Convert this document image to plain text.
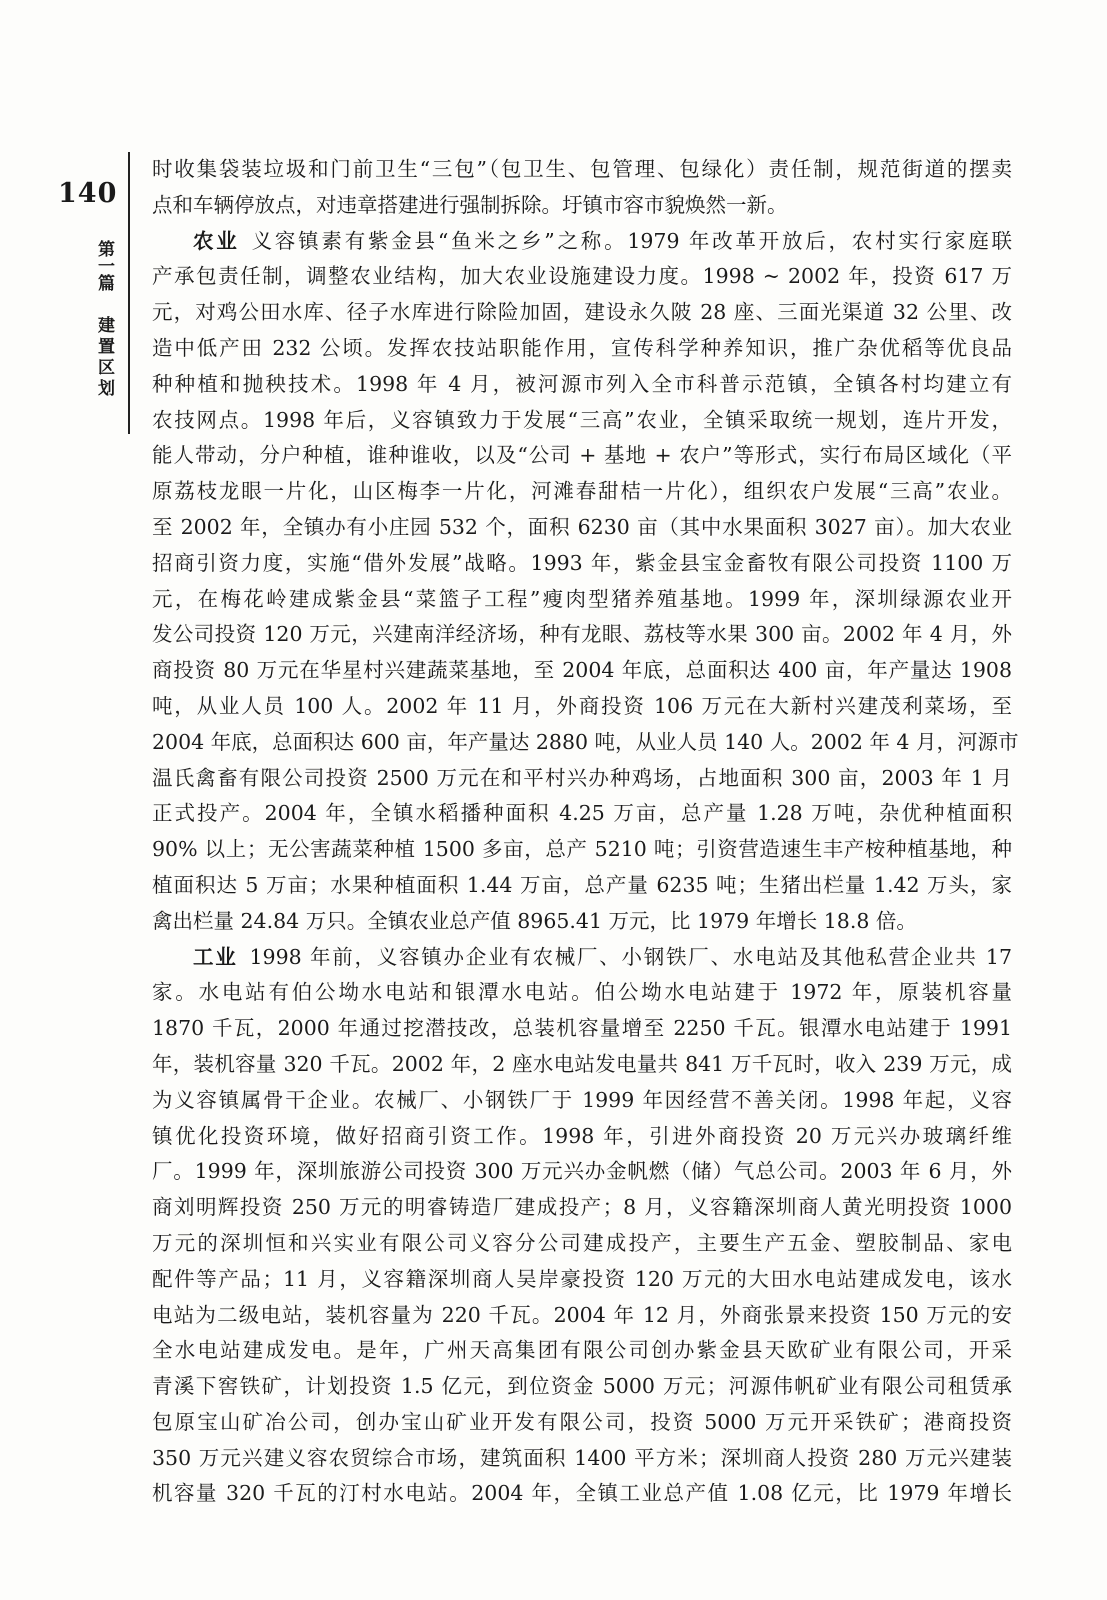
140
第一篇
建置区划
时收集袋装垃圾和门前卫生“三包”（包卫生、包管理、包绿化）责任制，规范街道的摆卖
点和车辆停放点，对违章搭建进行强制拆除。圩镇市容市貌焕然一新。
农业 义容镇素有紫金县“鱼米之乡”之称。1979 年改革开放后，农村实行家庭联
产承包责任制，调整农业结构，加大农业设施建设力度。1998 ~ 2002 年，投资 617 万
元，对鸡公田水库、径子水库进行除险加固，建设永久陂 28 座、三面光渠道 32 公里、改
造中低产田 232 公顷。发挥农技站职能作用，宣传科学种养知识，推广杂优稻等优良品
种种植和抛秧技术。1998 年 4 月，被河源市列入全市科普示范镇，全镇各村均建立有
农技网点。1998 年后，义容镇致力于发展“三高”农业，全镇采取统一规划，连片开发，
能人带动，分户种植，谁种谁收，以及“公司 + 基地 + 农户”等形式，实行布局区域化（平
原荔枝龙眼一片化，山区梅李一片化，河滩春甜桔一片化），组织农户发展“三高”农业。
至 2002 年，全镇办有小庄园 532 个，面积 6230 亩（其中水果面积 3027 亩）。加大农业
招商引资力度，实施“借外发展”战略。1993 年，紫金县宝金畜牧有限公司投资 1100 万
元，在梅花岭建成紫金县“菜篮子工程”瘦肉型猪养殖基地。1999 年，深圳绿源农业开
发公司投资 120 万元，兴建南洋经济场，种有龙眼、荔枝等水果 300 亩。2002 年 4 月，外
商投资 80 万元在华星村兴建蔬菜基地，至 2004 年底，总面积达 400 亩，年产量达 1908
吨，从业人员 100 人。2002 年 11 月，外商投资 106 万元在大新村兴建茂利菜场，至
2004 年底，总面积达 600 亩，年产量达 2880 吨，从业人员 140 人。2002 年 4 月，河源市
温氏禽畜有限公司投资 2500 万元在和平村兴办种鸡场，占地面积 300 亩，2003 年 1 月
正式投产。2004 年，全镇水稻播种面积 4.25 万亩，总产量 1.28 万吨，杂优种植面积
90% 以上；无公害蔬菜种植 1500 多亩，总产 5210 吨；引资营造速生丰产桉种植基地，种
植面积达 5 万亩；水果种植面积 1.44 万亩，总产量 6235 吨；生猪出栏量 1.42 万头，家
禽出栏量 24.84 万只。全镇农业总产值 8965.41 万元，比 1979 年增长 18.8 倍。
工业 1998 年前，义容镇办企业有农械厂、小钢铁厂、水电站及其他私营企业共 17
家。水电站有伯公坳水电站和银潭水电站。伯公坳水电站建于 1972 年，原装机容量
1870 千瓦，2000 年通过挖潜技改，总装机容量增至 2250 千瓦。银潭水电站建于 1991
年，装机容量 320 千瓦。2002 年，2 座水电站发电量共 841 万千瓦时，收入 239 万元，成
为义容镇属骨干企业。农械厂、小钢铁厂于 1999 年因经营不善关闭。1998 年起，义容
镇优化投资环境，做好招商引资工作。1998 年，引进外商投资 20 万元兴办玻璃纤维
厂。1999 年，深圳旅游公司投资 300 万元兴办金帆燃（储）气总公司。2003 年 6 月，外
商刘明辉投资 250 万元的明睿铸造厂建成投产；8 月，义容籍深圳商人黄光明投资 1000
万元的深圳恒和兴实业有限公司义容分公司建成投产，主要生产五金、塑胶制品、家电
配件等产品；11 月，义容籍深圳商人吴岸豪投资 120 万元的大田水电站建成发电，该水
电站为二级电站，装机容量为 220 千瓦。2004 年 12 月，外商张景来投资 150 万元的安
全水电站建成发电。是年，广州天高集团有限公司创办紫金县天欧矿业有限公司，开采
青溪下窖铁矿，计划投资 1.5 亿元，到位资金 5000 万元；河源伟帆矿业有限公司租赁承
包原宝山矿冶公司，创办宝山矿业开发有限公司，投资 5000 万元开采铁矿；港商投资
350 万元兴建义容农贸综合市场，建筑面积 1400 平方米；深圳商人投资 280 万元兴建装
机容量 320 千瓦的汀村水电站。2004 年，全镇工业总产值 1.08 亿元，比 1979 年增长
